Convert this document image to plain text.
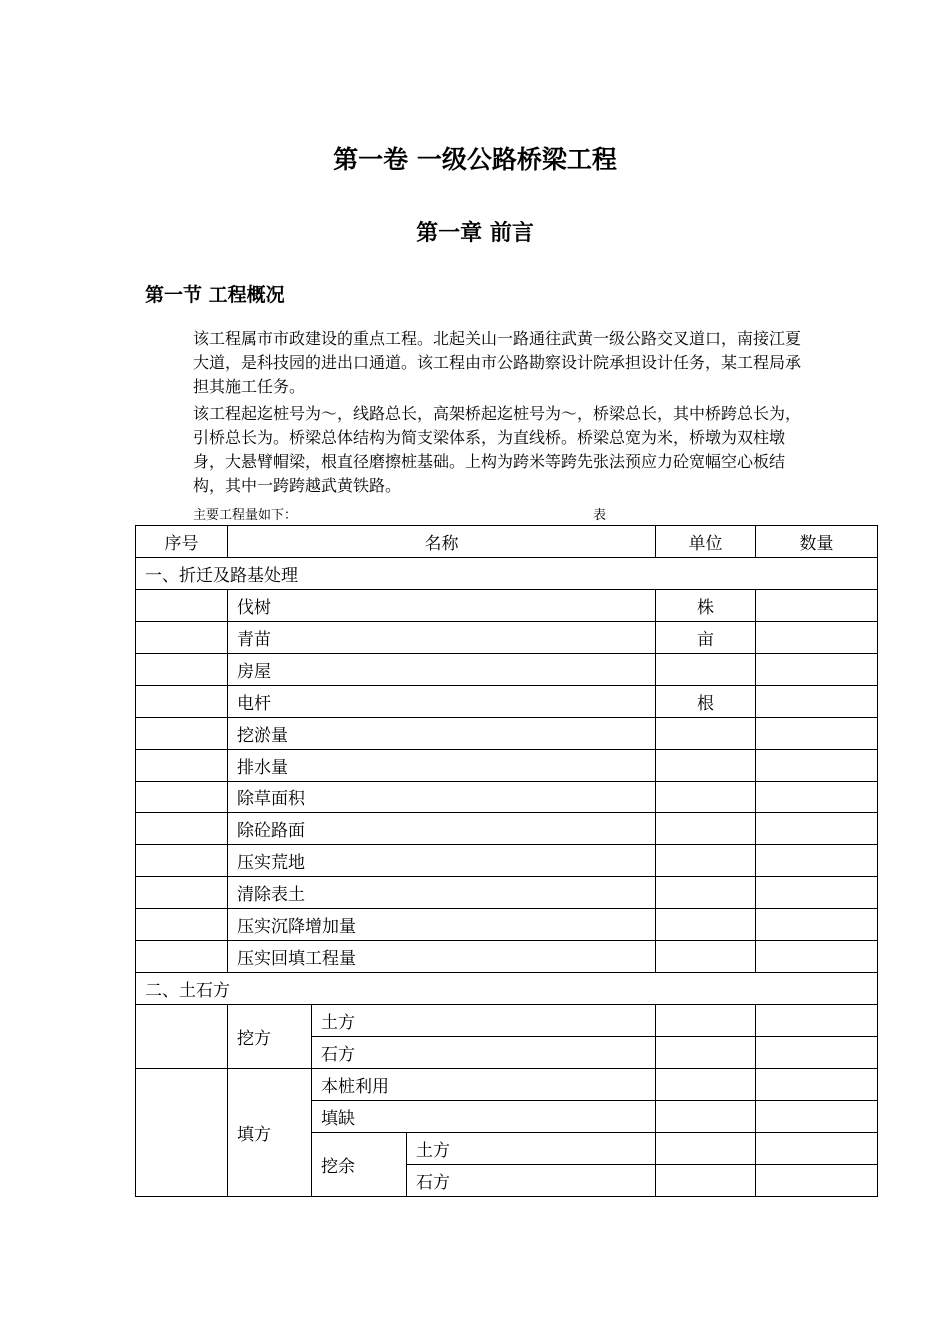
第一卷 一级公路桥梁工程
第一章 前言
第一节 工程概况
该工程属市市政建设的重点工程。北起关山一路通往武黄一级公路交叉道口，南接江夏大道，是科技园的进出口通道。该工程由市公路勘察设计院承担设计任务，某工程局承担其施工任务。
该工程起迄桩号为～，线路总长，高架桥起迄桩号为～，桥梁总长，其中桥跨总长为，引桥总长为。桥梁总体结构为简支梁体系，为直线桥。桥梁总宽为米，桥墩为双柱墩身，大悬臂帽梁，根直径磨擦桩基础。上构为跨米等跨先张法预应力砼宽幅空心板结构，其中一跨跨越武黄铁路。
主要工程量如下：	表
序号	名称			单位	数量
一、折迁及路基处理					
	伐树			株	
	青苗			亩	
	房屋				
	电杆			根	
	挖淤量				
	排水量				
	除草面积				
	除砼路面				
	压实荒地				
	清除表土				
	压实沉降增加量				
	压实回填工程量				
二、土石方					
	挖方	土方			
		石方			
	填方	本桩利用			
		填缺			
		挖余	土方		
			石方		
